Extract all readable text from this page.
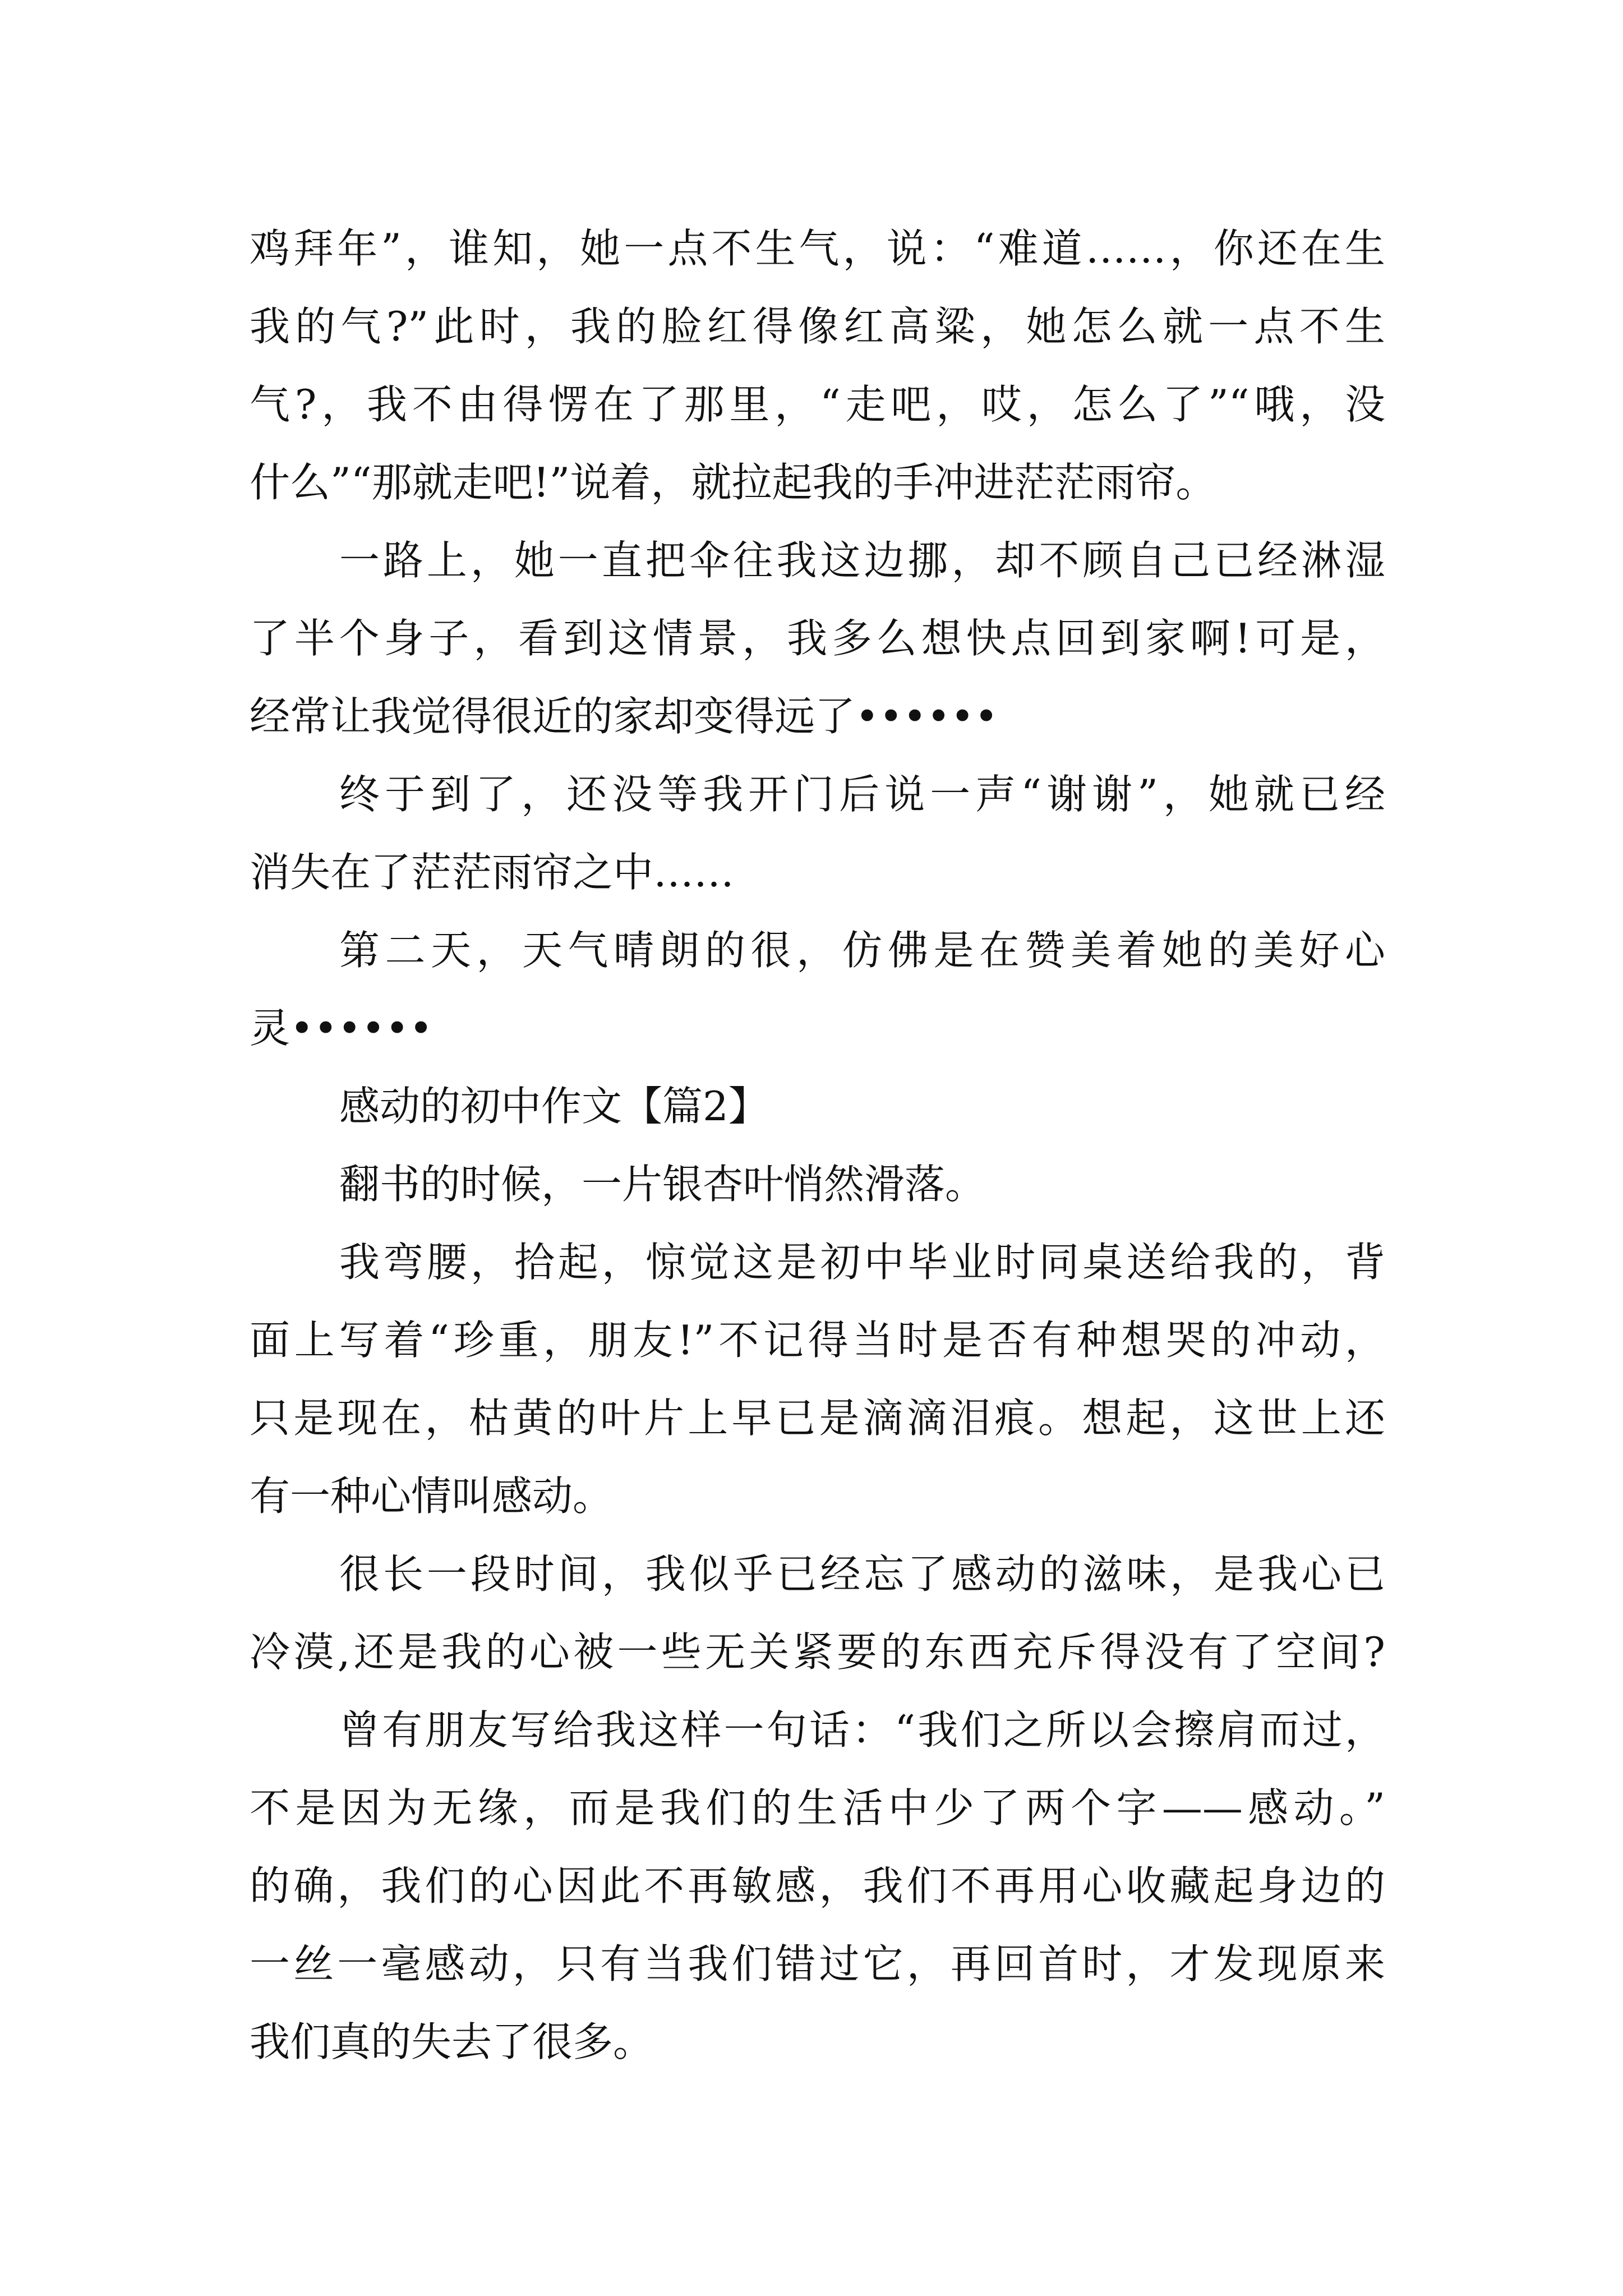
鸡拜年”，谁知，她一点不生气，说：“难道……，你还在生
我的气?”此时，我的脸红得像红高粱，她怎么就一点不生
气?，我不由得愣在了那里，“走吧，哎，怎么了”“哦，没
什么”“那就走吧!”说着，就拉起我的手冲进茫茫雨帘。
一路上，她一直把伞往我这边挪，却不顾自己已经淋湿
了半个身子，看到这情景，我多么想快点回到家啊!可是，
经常让我觉得很近的家却变得远了••••••
终于到了，还没等我开门后说一声“谢谢”，她就已经
消失在了茫茫雨帘之中……
第二天，天气晴朗的很，仿佛是在赞美着她的美好心
灵••••••
感动的初中作文【篇2】
翻书的时候，一片银杏叶悄然滑落。
我弯腰，拾起，惊觉这是初中毕业时同桌送给我的，背
面上写着“珍重，朋友!”不记得当时是否有种想哭的冲动，
只是现在，枯黄的叶片上早已是滴滴泪痕。想起，这世上还
有一种心情叫感动。
很长一段时间，我似乎已经忘了感动的滋味，是我心已
冷漠,还是我的心被一些无关紧要的东西充斥得没有了空间?
曾有朋友写给我这样一句话：“我们之所以会擦肩而过，
不是因为无缘，而是我们的生活中少了两个字——感动。”
的确，我们的心因此不再敏感，我们不再用心收藏起身边的
一丝一毫感动，只有当我们错过它，再回首时，才发现原来
我们真的失去了很多。
